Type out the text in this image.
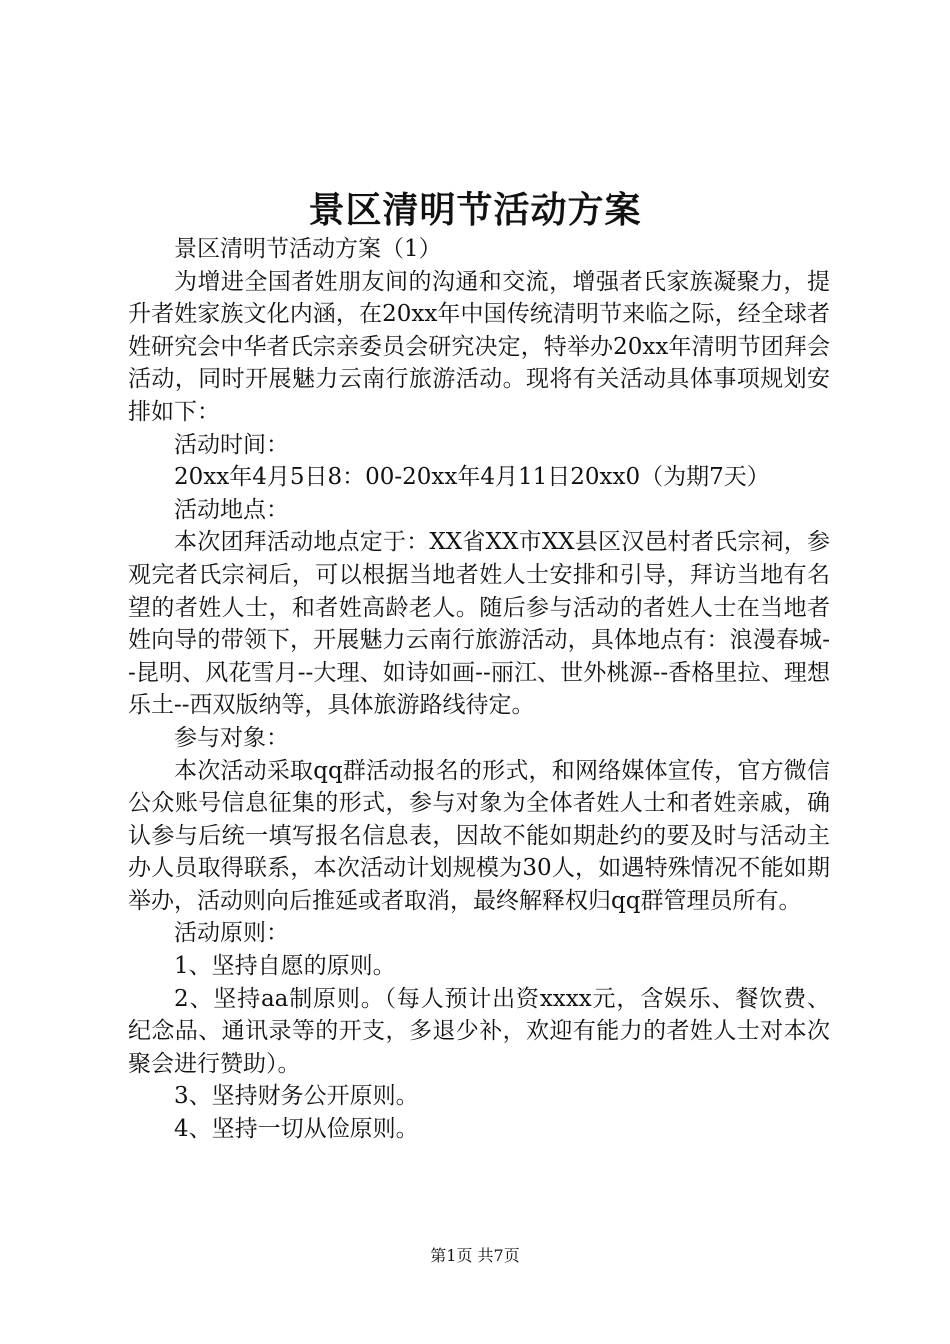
景区清明节活动方案

景区清明节活动方案（1）

为增进全国者姓朋友间的沟通和交流，增强者氏家族凝聚力，提升者姓家族文化内涵，在20xx年中国传统清明节来临之际，经全球者姓研究会中华者氏宗亲委员会研究决定，特举办20xx年清明节团拜会活动，同时开展魅力云南行旅游活动。现将有关活动具体事项规划安排如下：

活动时间：

20xx年4月5日8：00-20xx年4月11日20xx0（为期7天）

活动地点：

本次团拜活动地点定于：XX省XX市XX县区汉邑村者氏宗祠，参观完者氏宗祠后，可以根据当地者姓人士安排和引导，拜访当地有名望的者姓人士，和者姓高龄老人。随后参与活动的者姓人士在当地者姓向导的带领下，开展魅力云南行旅游活动，具体地点有：浪漫春城--昆明、风花雪月--大理、如诗如画--丽江、世外桃源--香格里拉、理想乐土--西双版纳等，具体旅游路线待定。

参与对象：

本次活动采取qq群活动报名的形式，和网络媒体宣传，官方微信公众账号信息征集的形式，参与对象为全体者姓人士和者姓亲戚，确认参与后统一填写报名信息表，因故不能如期赴约的要及时与活动主办人员取得联系，本次活动计划规模为30人，如遇特殊情况不能如期举办，活动则向后推延或者取消，最终解释权归qq群管理员所有。

活动原则：

1、坚持自愿的原则。

2、坚持aa制原则。（每人预计出资xxxx元，含娱乐、餐饮费、纪念品、通讯录等的开支，多退少补，欢迎有能力的者姓人士对本次聚会进行赞助）。

3、坚持财务公开原则。

4、坚持一切从俭原则。

第1页 共7页
